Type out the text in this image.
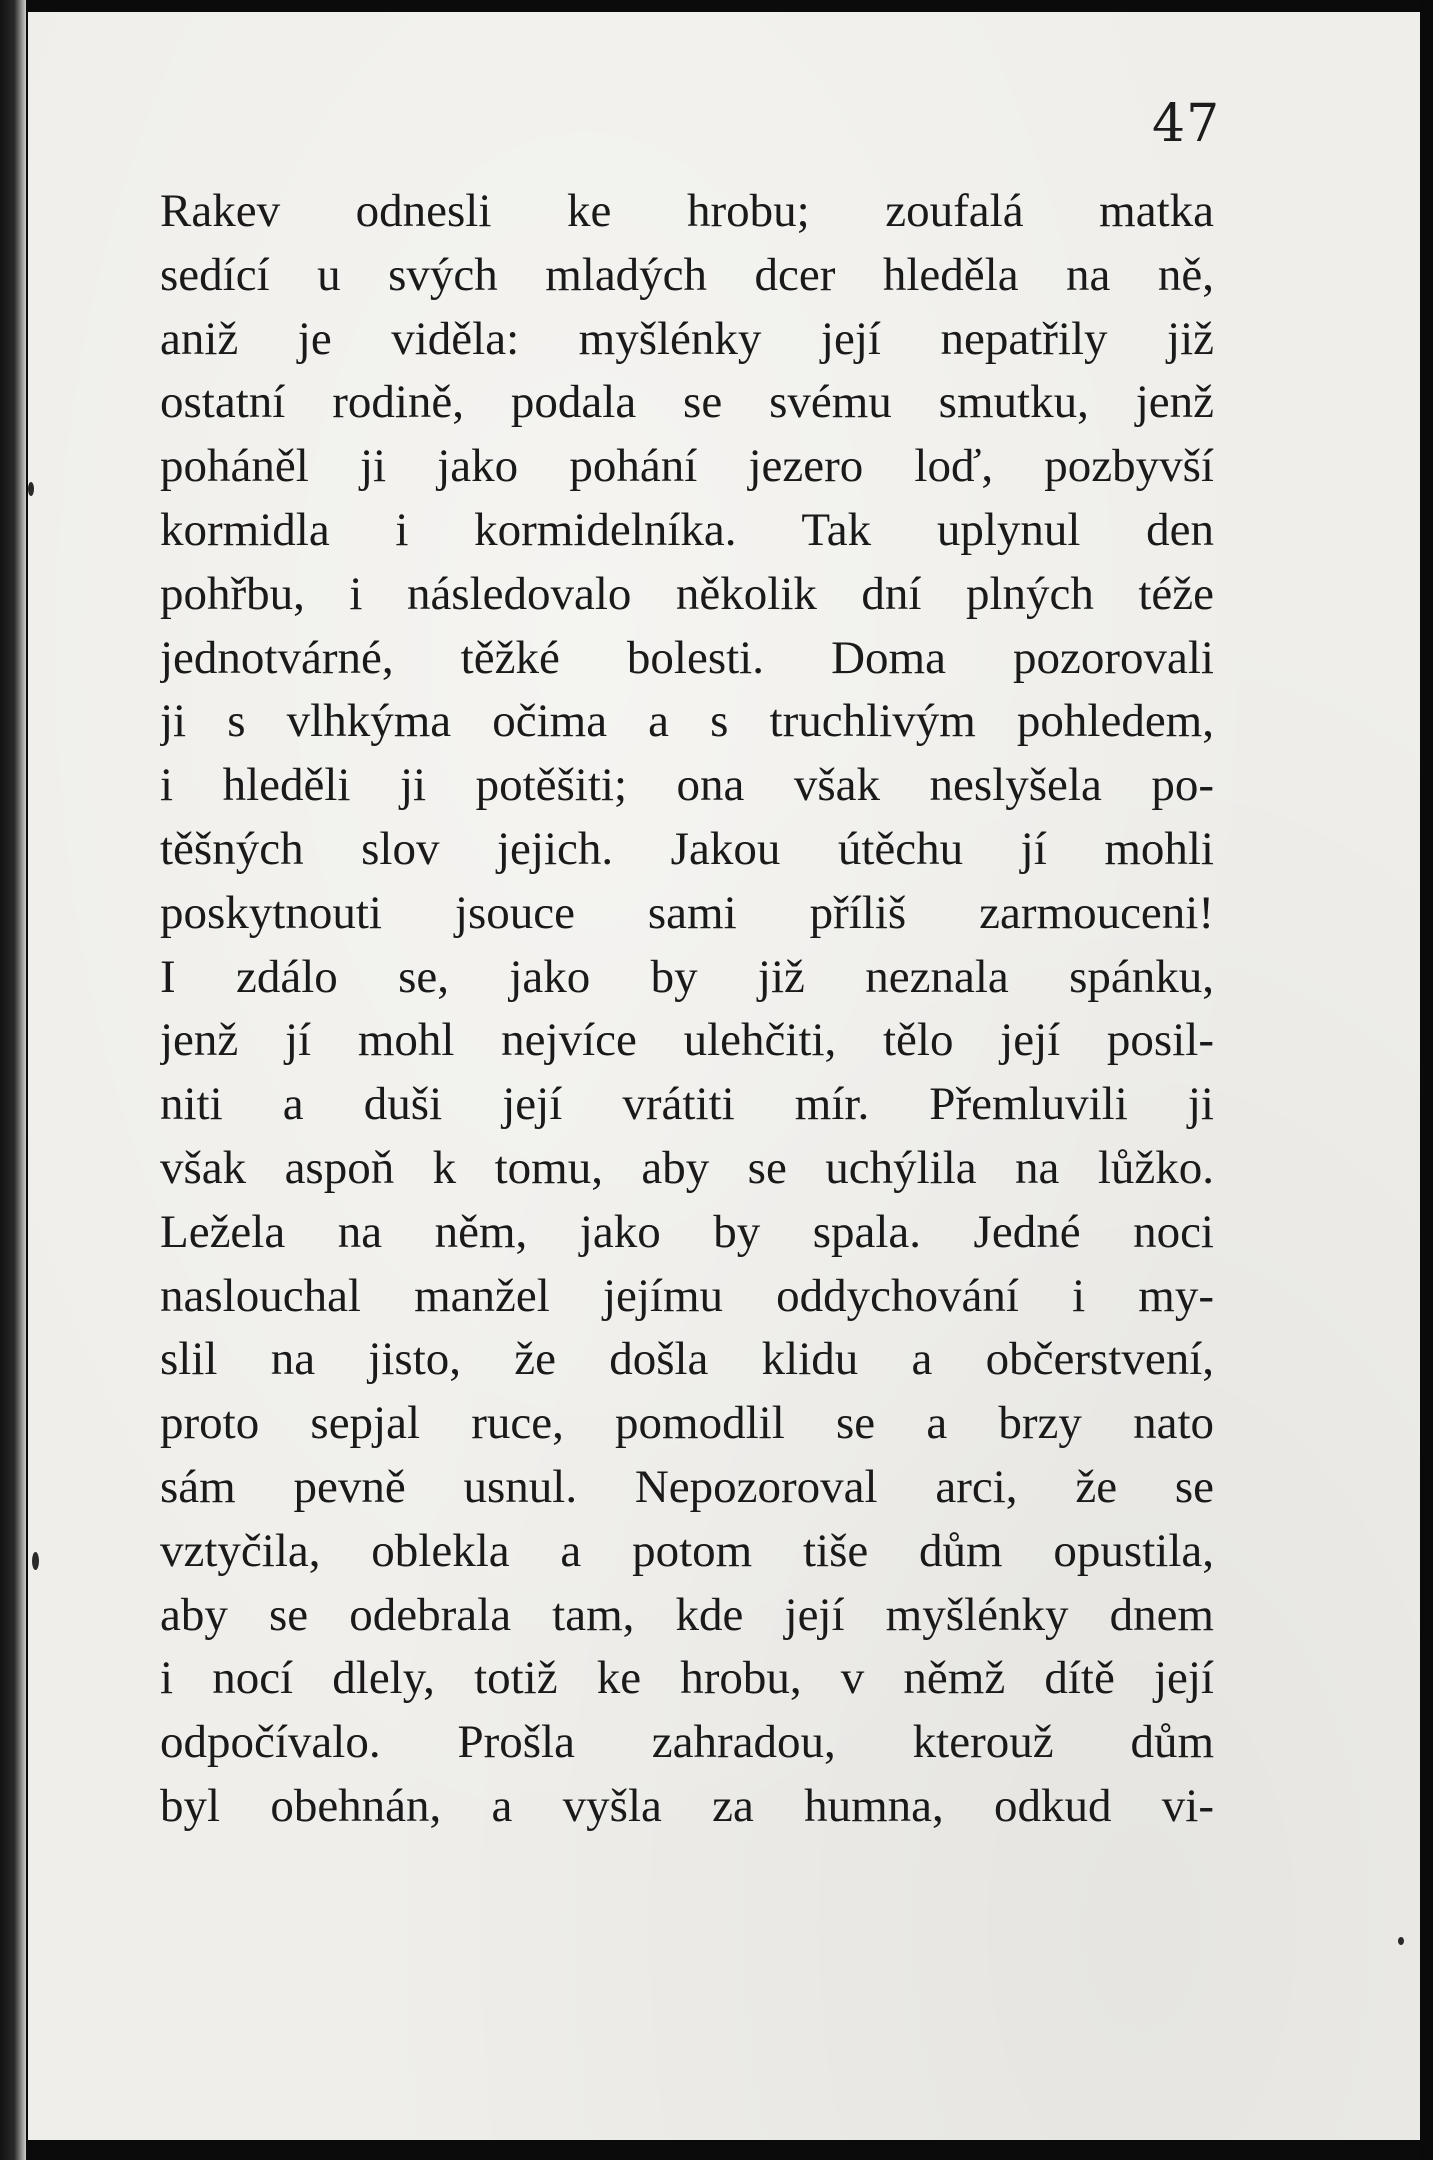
47
Rakev odnesli ke hrobu; zoufalá matka
sedící u svých mladých dcer hleděla na ně,
aniž je viděla: myšlénky její nepatřily již
ostatní rodině, podala se svému smutku, jenž
poháněl ji jako pohání jezero loď, pozbyvší
kormidla i kormidelníka. Tak uplynul den
pohřbu, i následovalo několik dní plných téže
jednotvárné, těžké bolesti. Doma pozorovali
ji s vlhkýma očima a s truchlivým pohledem,
i hleděli ji potěšiti; ona však neslyšela po-
těšných slov jejich. Jakou útěchu jí mohli
poskytnouti jsouce sami příliš zarmouceni!
I zdálo se, jako by již neznala spánku,
jenž jí mohl nejvíce ulehčiti, tělo její posil-
niti a duši její vrátiti mír. Přemluvili ji
však aspoň k tomu, aby se uchýlila na lůžko.
Ležela na něm, jako by spala. Jedné noci
naslouchal manžel jejímu oddychování i my-
slil na jisto, že došla klidu a občerstvení,
proto sepjal ruce, pomodlil se a brzy nato
sám pevně usnul. Nepozoroval arci, že se
vztyčila, oblekla a potom tiše dům opustila,
aby se odebrala tam, kde její myšlénky dnem
i nocí dlely, totiž ke hrobu, v němž dítě její
odpočívalo. Prošla zahradou, kterouž dům
byl obehnán, a vyšla za humna, odkud vi-
